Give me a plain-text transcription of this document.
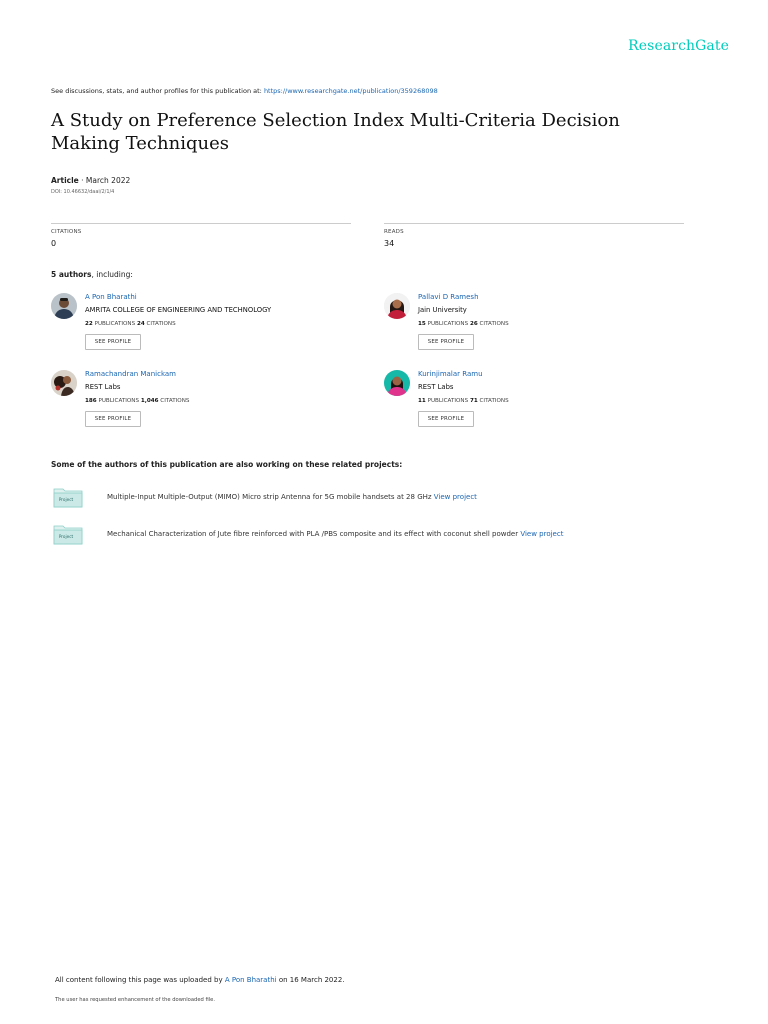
ResearchGate
See discussions, stats, and author profiles for this publication at: https://www.researchgate.net/publication/359268098
A Study on Preference Selection Index Multi-Criteria Decision Making Techniques
Article · March 2022
DOI: 10.46632/daai/2/1/4
CITATIONS
0
READS
34
5 authors, including:
A Pon Bharathi
AMRITA COLLEGE OF ENGINEERING AND TECHNOLOGY
22 PUBLICATIONS 24 CITATIONS
SEE PROFILE
Pallavi D Ramesh
Jain University
15 PUBLICATIONS 26 CITATIONS
SEE PROFILE
Ramachandran Manickam
REST Labs
186 PUBLICATIONS 1,046 CITATIONS
SEE PROFILE
Kurinjimalar Ramu
REST Labs
11 PUBLICATIONS 71 CITATIONS
SEE PROFILE
Some of the authors of this publication are also working on these related projects:
Project	Multiple-Input Multiple-Output (MIMO) Micro strip Antenna for 5G mobile handsets at 28 GHz View project
Project	Mechanical Characterization of Jute fibre reinforced with PLA /PBS composite and its effect with coconut shell powder View project
All content following this page was uploaded by A Pon Bharathi on 16 March 2022.
The user has requested enhancement of the downloaded file.
